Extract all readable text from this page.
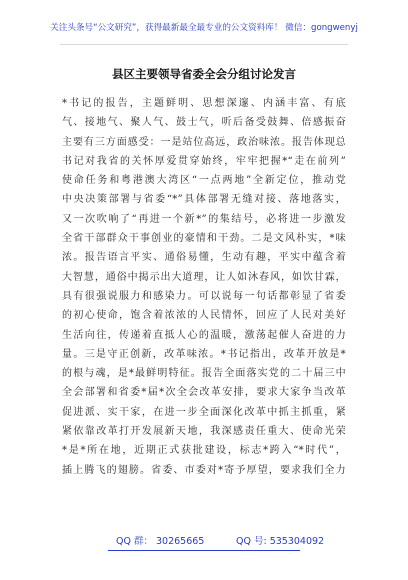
关注头条号“公文研究”，获得最新最全最专业的公文资料库！ 微信：gongwenyj
县区主要领导省委全会分组讨论发言
*书记的报告，主题鲜明、思想深邃、内涵丰富、有底
气、接地气、聚人气、鼓士气，听后备受鼓舞、倍感振奋
主要有三方面感受：一是站位高远，政治味浓。报告体现总
书记对我省的关怀厚爱贯穿始终，牢牢把握*“走在前列”
使命任务和粤港澳大湾区“一点两地”全新定位，推动党
中央决策部署与省委“*”具体部署无缝对接、落地落实，
又一次吹响了“再进一个新*”的集结号，必将进一步激发
全省干部群众干事创业的豪情和干劲。二是文风朴实，*味
浓。报告语言平实、通俗易懂，生动有趣，平实中蕴含着
大智慧，通俗中揭示出大道理，让人如沐春风，如饮甘霖，
具有很强说服力和感染力。可以说每一句话都彰显了省委
的初心使命，饱含着浓浓的人民情怀，回应了人民对美好
生活向往，传递着直抵人心的温暖，激荡起催人奋进的力
量。三是守正创新，改革味浓。*书记指出，改革开放是*
的根与魂，是*最鲜明特征。报告全面落实党的二十届三中
全会部署和省委*届*次全会改革安排，要求大家争当改革
促进派、实干家，在进一步全面深化改革中抓主抓重，紧
紧依靠改革打开发展新天地，我深感责任重大、使命光荣
*是*所在地，近期正式获批建设，标志*跨入“*时代”，
插上腾飞的翅膀。省委、市委对*寄予厚望，要求我们全力
QQ 群： 30265665	QQ 号: 535304092
